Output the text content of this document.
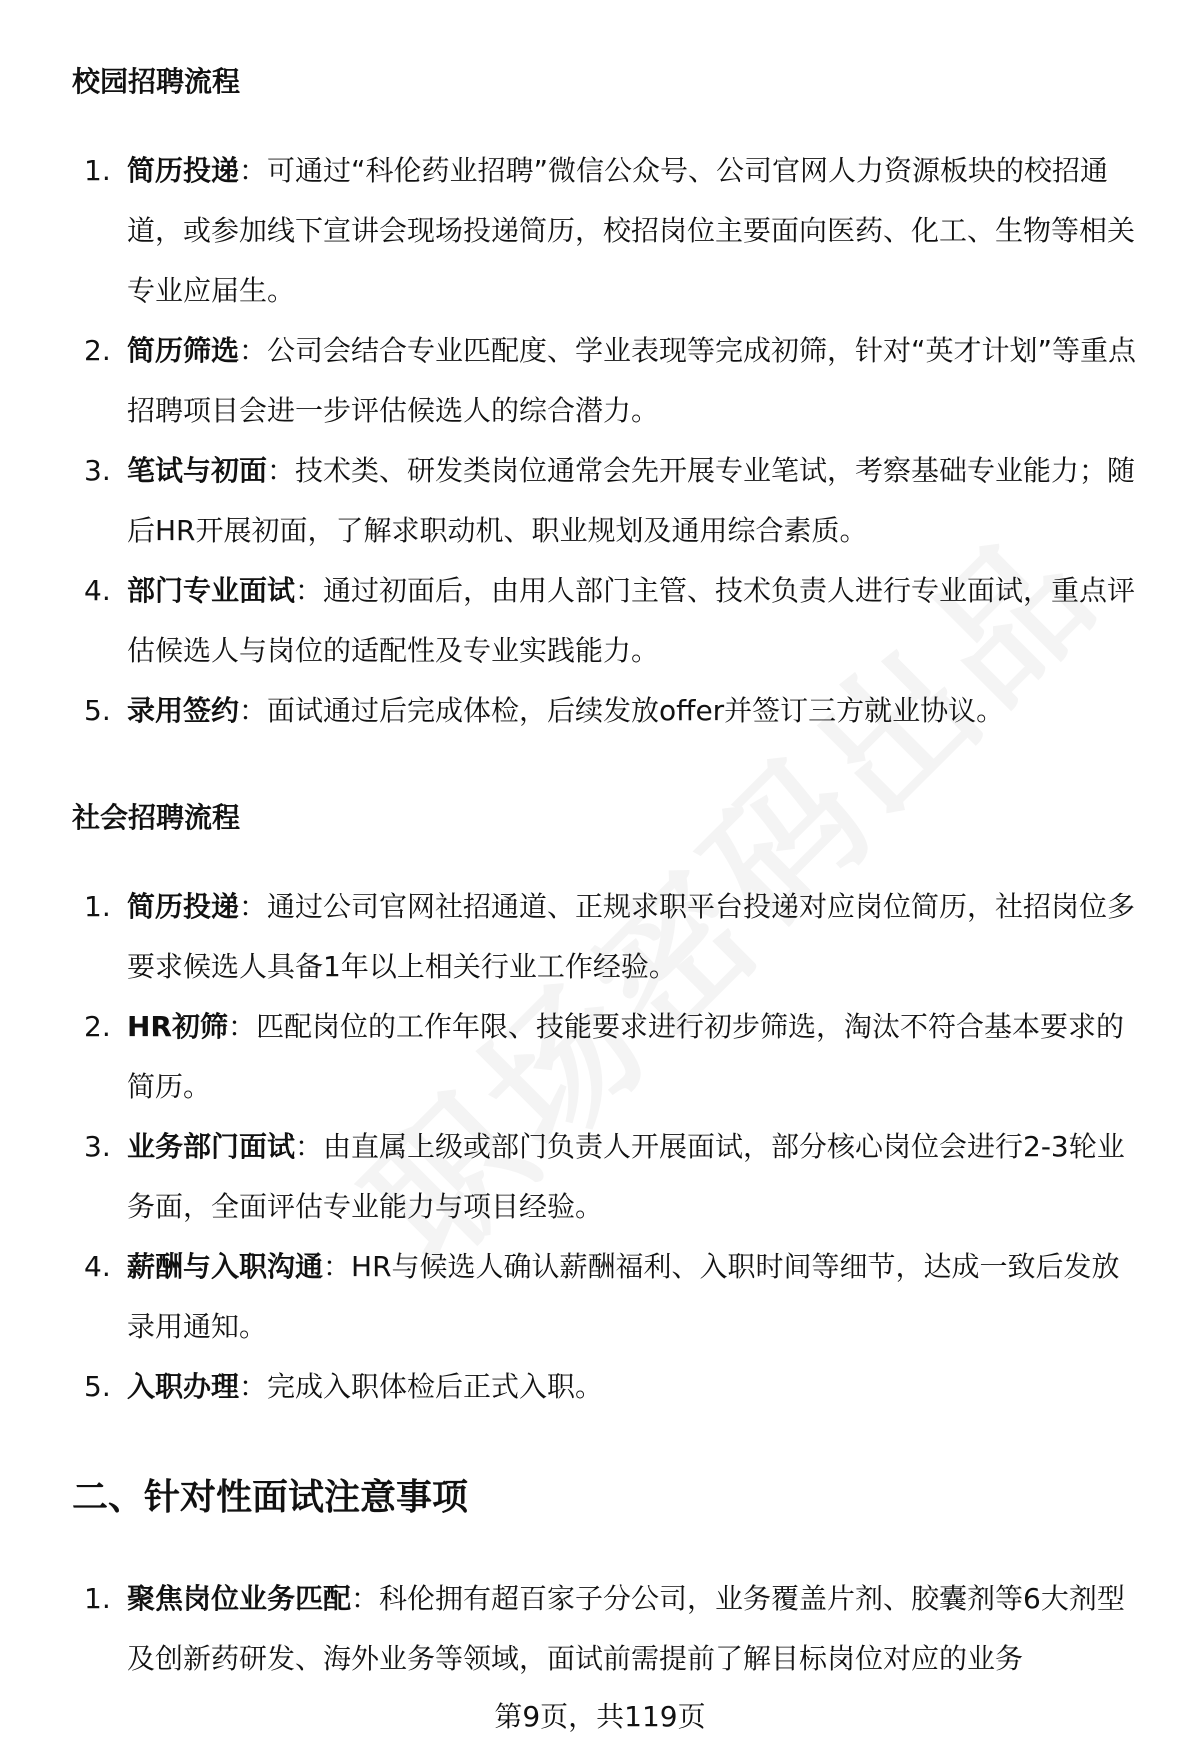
校园招聘流程
1. 简历投递：可通过“科伦药业招聘”微信公众号、公司官网人力资源板块的校招通道，或参加线下宣讲会现场投递简历，校招岗位主要面向医药、化工、生物等相关专业应届生。
2. 简历筛选：公司会结合专业匹配度、学业表现等完成初筛，针对“英才计划”等重点招聘项目会进一步评估候选人的综合潜力。
3. 笔试与初面：技术类、研发类岗位通常会先开展专业笔试，考察基础专业能力；随后HR开展初面，了解求职动机、职业规划及通用综合素质。
4. 部门专业面试：通过初面后，由用人部门主管、技术负责人进行专业面试，重点评估候选人与岗位的适配性及专业实践能力。
5. 录用签约：面试通过后完成体检，后续发放offer并签订三方就业协议。
社会招聘流程
1. 简历投递：通过公司官网社招通道、正规求职平台投递对应岗位简历，社招岗位多要求候选人具备1年以上相关行业工作经验。
2. HR初筛：匹配岗位的工作年限、技能要求进行初步筛选，淘汰不符合基本要求的简历。
3. 业务部门面试：由直属上级或部门负责人开展面试，部分核心岗位会进行2-3轮业务面，全面评估专业能力与项目经验。
4. 薪酬与入职沟通：HR与候选人确认薪酬福利、入职时间等细节，达成一致后发放录用通知。
5. 入职办理：完成入职体检后正式入职。
二、针对性面试注意事项
1. 聚焦岗位业务匹配：科伦拥有超百家子分公司，业务覆盖片剂、胶囊剂等6大剂型及创新药研发、海外业务等领域，面试前需提前了解目标岗位对应的业务
第9页，共119页
